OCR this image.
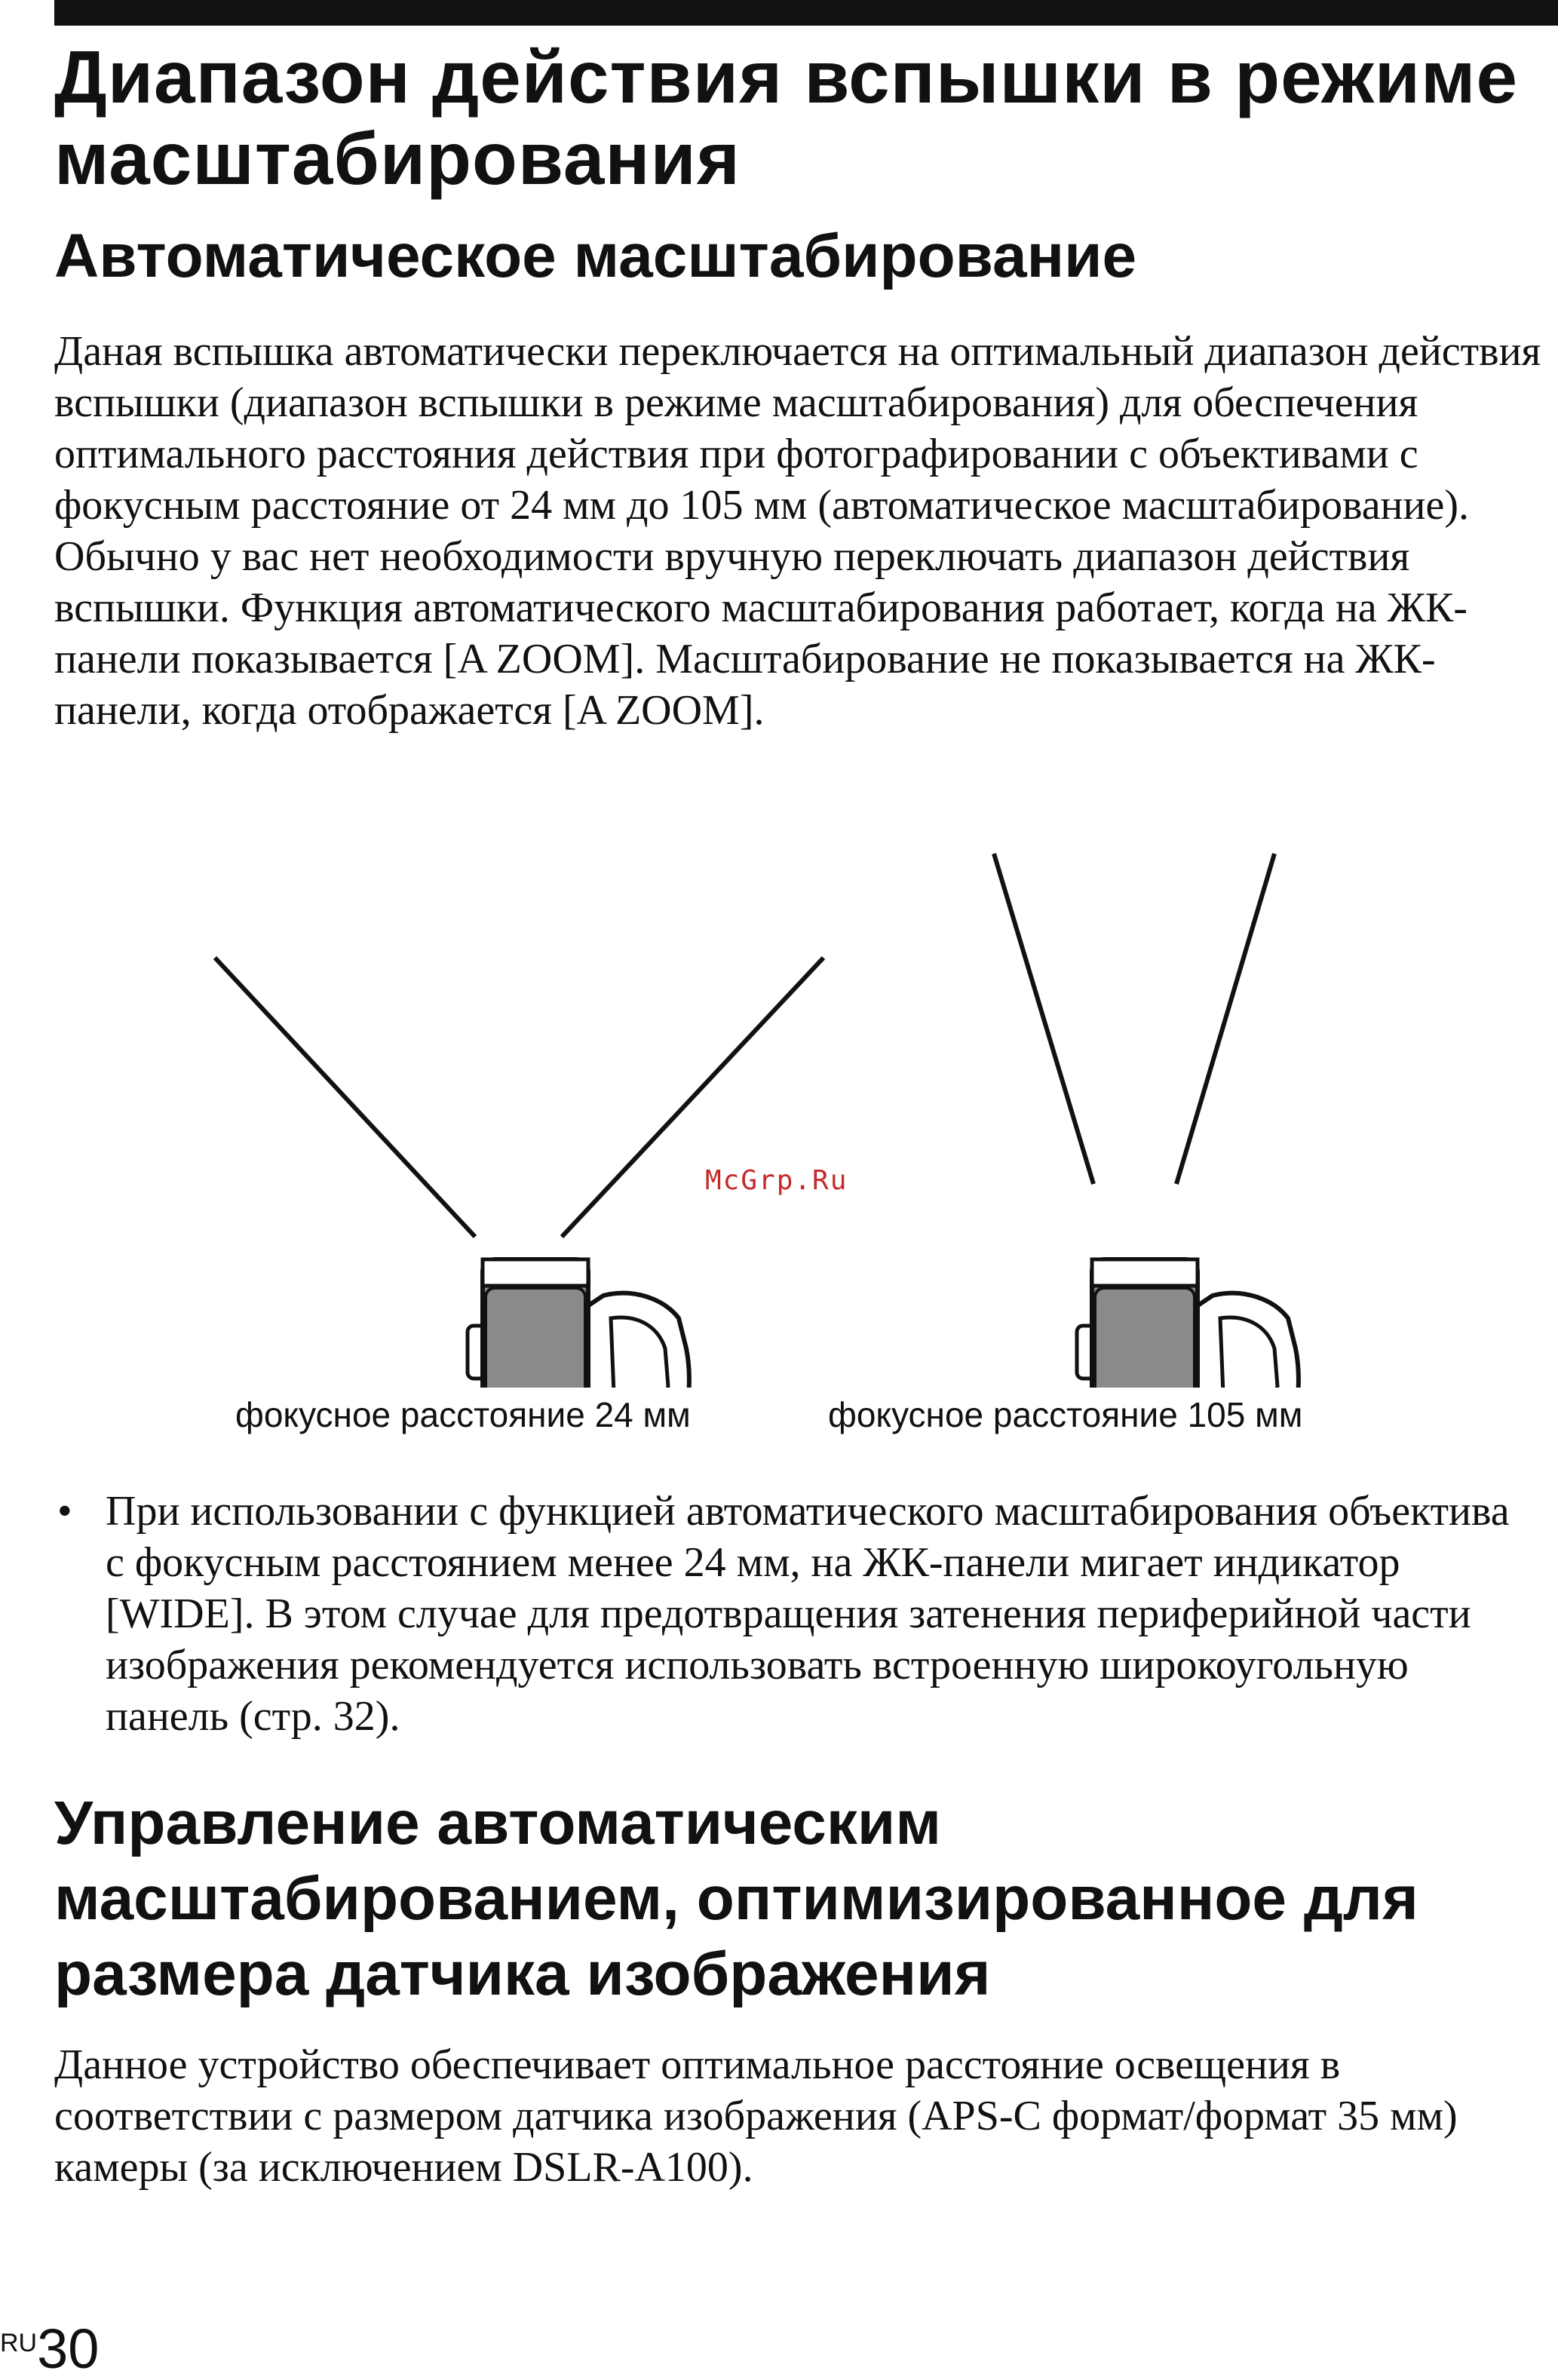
Диапазон действия вспышки в режиме масштабирования
Автоматическое масштабирование

Даная вспышка автоматически переключается на оптимальный диапазон действия вспышки (диапазон вспышки в режиме масштабирования) для обеспечения оптимального расстояния действия при фотографировании с объективами с фокусным расстояние от 24 мм до 105 мм (автоматическое масштабирование). Обычно у вас нет необходимости вручную переключать диапазон действия вспышки. Функция автоматического масштабирования работает, когда на ЖК-панели показывается [A ZOOM]. Масштабирование не показывается на ЖК-панели, когда отображается [A ZOOM].

McGrp.Ru
фокусное расстояние 24 мм	фокусное расстояние 105 мм
• При использовании с функцией автоматического масштабирования объектива с фокусным расстоянием менее 24 мм, на ЖК-панели мигает индикатор [WIDE]. В этом случае для предотвращения затенения периферийной части изображения рекомендуется использовать встроенную широкоугольную панель (стр. 32).

Управление автоматическим масштабированием, оптимизированное для размера датчика изображения

Данное устройство обеспечивает оптимальное расстояние освещения в соответствии с размером датчика изображения (APS-C формат/формат 35 мм) камеры (за исключением DSLR-A100).

RU30
